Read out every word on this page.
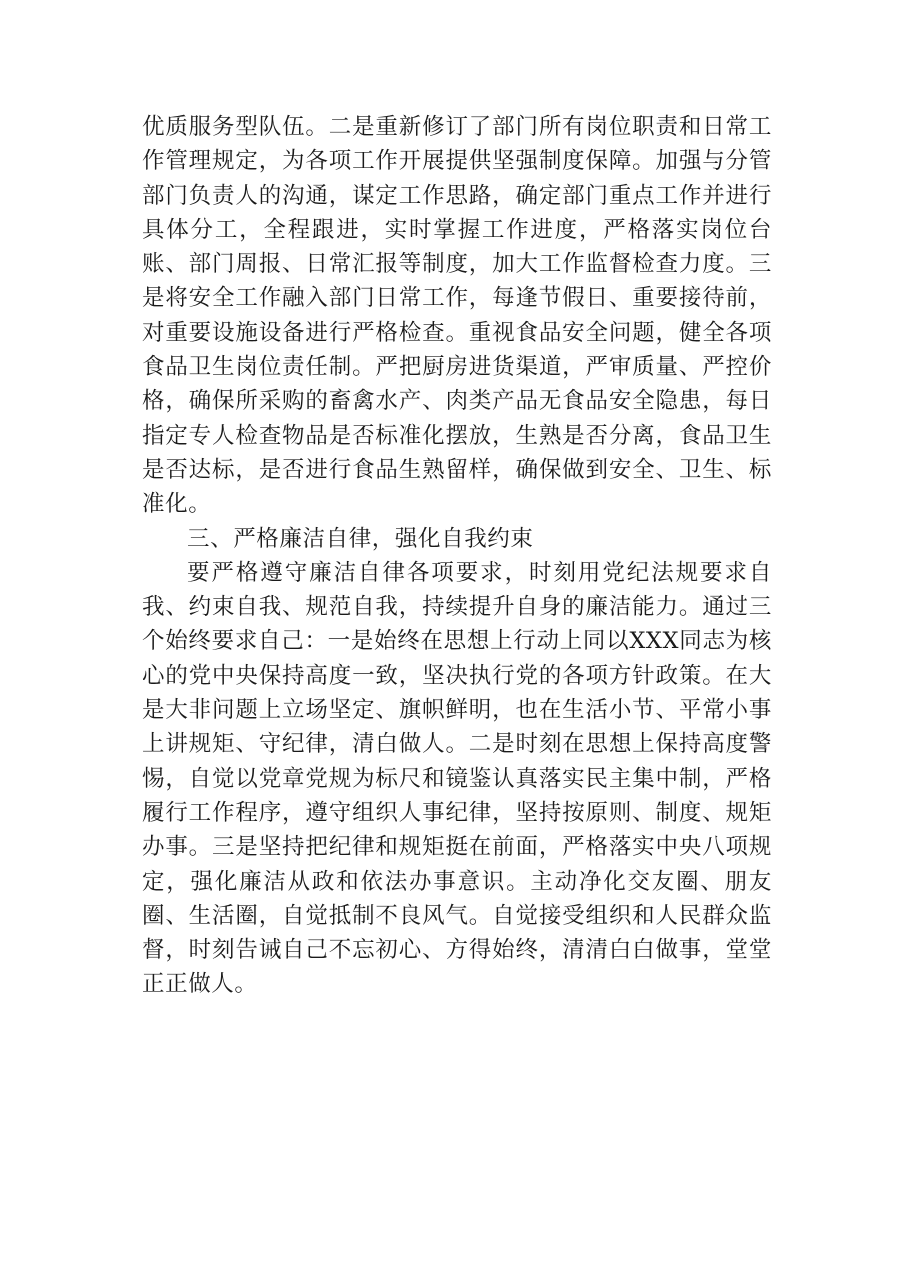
优质服务型队伍。二是重新修订了部门所有岗位职责和日常工作管理规定，为各项工作开展提供坚强制度保障。加强与分管部门负责人的沟通，谋定工作思路，确定部门重点工作并进行具体分工，全程跟进，实时掌握工作进度，严格落实岗位台账、部门周报、日常汇报等制度，加大工作监督检查力度。三是将安全工作融入部门日常工作，每逢节假日、重要接待前，对重要设施设备进行严格检查。重视食品安全问题，健全各项食品卫生岗位责任制。严把厨房进货渠道，严审质量、严控价格，确保所采购的畜禽水产、肉类产品无食品安全隐患，每日指定专人检查物品是否标准化摆放，生熟是否分离，食品卫生是否达标，是否进行食品生熟留样，确保做到安全、卫生、标准化。

三、严格廉洁自律，强化自我约束

要严格遵守廉洁自律各项要求，时刻用党纪法规要求自我、约束自我、规范自我，持续提升自身的廉洁能力。通过三个始终要求自己：一是始终在思想上行动上同以XXX同志为核心的党中央保持高度一致，坚决执行党的各项方针政策。在大是大非问题上立场坚定、旗帜鲜明，也在生活小节、平常小事上讲规矩、守纪律，清白做人。二是时刻在思想上保持高度警惕，自觉以党章党规为标尺和镜鉴认真落实民主集中制，严格履行工作程序，遵守组织人事纪律，坚持按原则、制度、规矩办事。三是坚持把纪律和规矩挺在前面，严格落实中央八项规定，强化廉洁从政和依法办事意识。主动净化交友圈、朋友圈、生活圈，自觉抵制不良风气。自觉接受组织和人民群众监督，时刻告诫自己不忘初心、方得始终，清清白白做事，堂堂正正做人。
